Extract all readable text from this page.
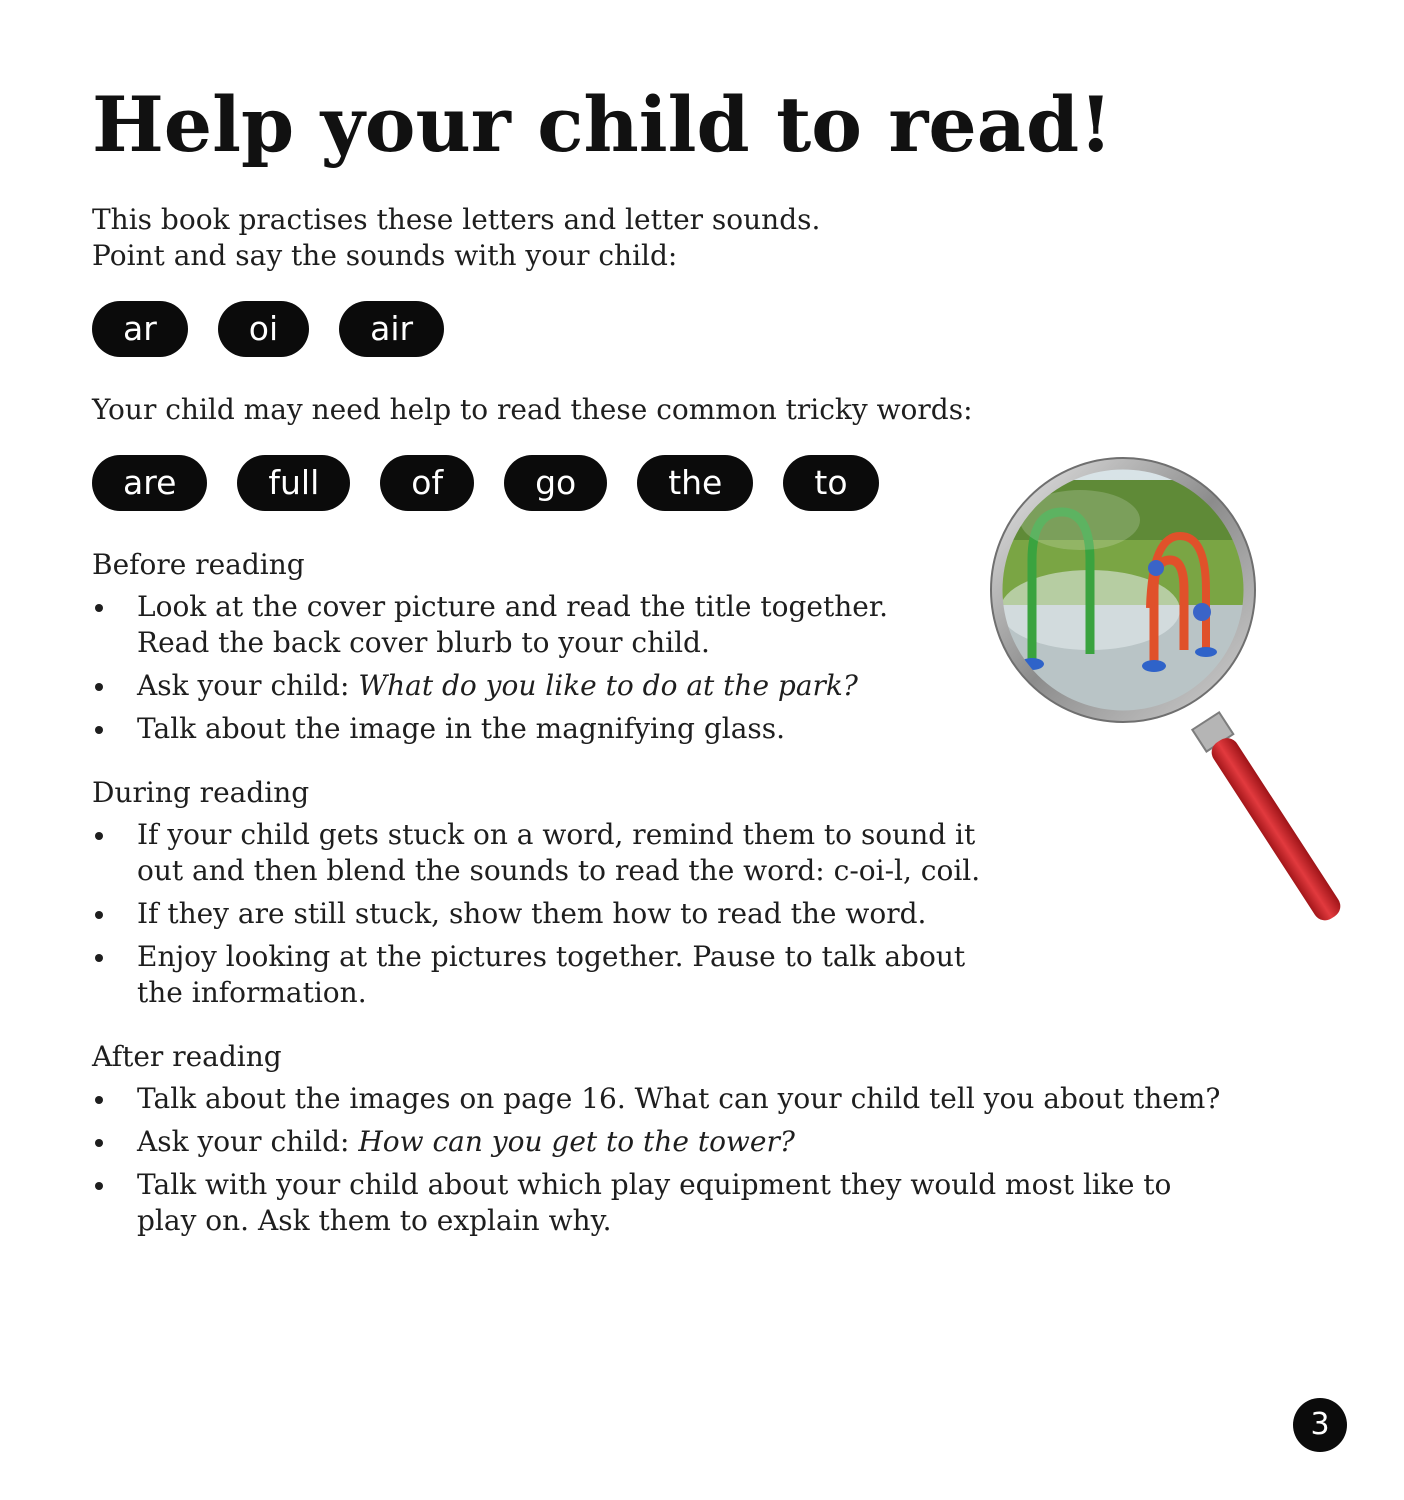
Help your child to read!
This book practises these letters and letter sounds.
Point and say the sounds with your child:
ar	oi	air
Your child may need help to read these common tricky words:
are	full	of	go	the	to
Before reading
Look at the cover picture and read the title together.
Read the back cover blurb to your child.
Ask your child: What do you like to do at the park?
Talk about the image in the magnifying glass.
During reading
If your child gets stuck on a word, remind them to sound it
out and then blend the sounds to read the word: c-oi-l, coil.
If they are still stuck, show them how to read the word.
Enjoy looking at the pictures together. Pause to talk about
the information.
After reading
Talk about the images on page 16. What can your child tell you about them?
Ask your child: How can you get to the tower?
Talk with your child about which play equipment they would most like to
play on. Ask them to explain why.
3
